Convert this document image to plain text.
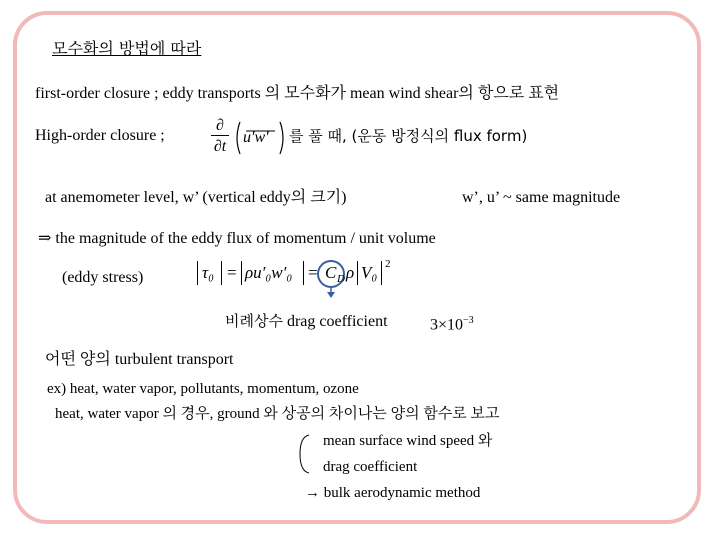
모수화의 방법에 따라
first-order closure ; eddy transports 의 모수화가 mean wind shear의 항으로 표현
High-order closure ;
∂
∂t
u′w′ 를 풀 때, (운동 방정식의 flux form)
at anemometer level, w’ (vertical eddy의 크기)	w’, u’ ~ same magnitude
⇒ the magnitude of the eddy flux of momentum / unit volume
(eddy stress)	τ₀ = ρu′₀w′₀ = C D ρ V₀ 2
비례상수 drag coefficient	$3\times 10^{-3}$
어떤 양의 turbulent transport
ex) heat, water vapor, pollutants, momentum, ozone
heat, water vapor 의 경우, ground 와 상공의 차이나는 양의 함수로 보고
mean surface wind speed 와
drag coefficient
→ bulk aerodynamic method
